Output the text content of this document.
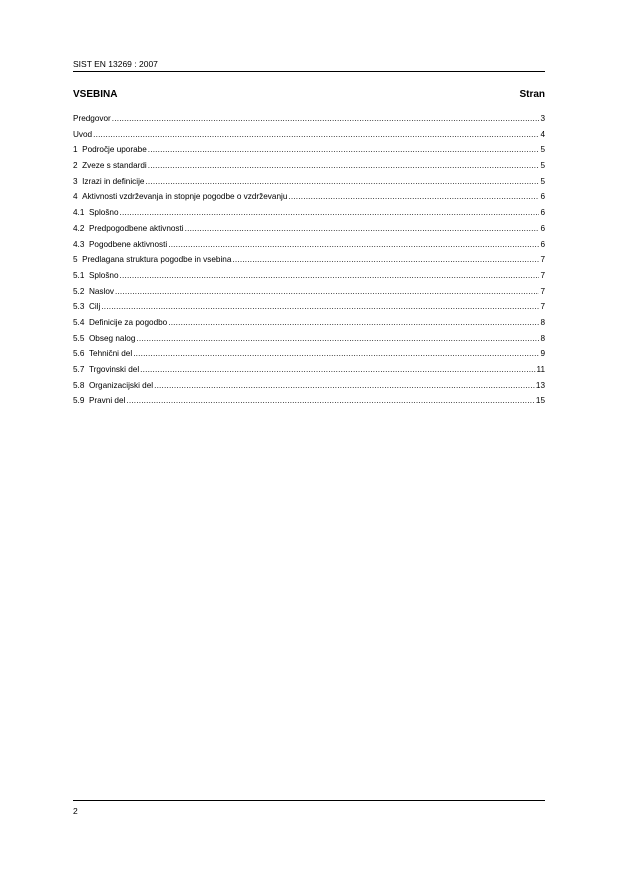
SIST EN 13269 : 2007
VSEBINA	Stran
Predgovor .....	3
Uvod .....	4
1 Področje uporabe .....	5
2 Zveze s standardi .....	5
3 Izrazi in definicije .....	5
4 Aktivnosti vzdrževanja in stopnje pogodbe o vzdrževanju .....	6
4.1 Splošno .....	6
4.2 Predpogodbene aktivnosti .....	6
4.3 Pogodbene aktivnosti .....	6
5 Predlagana struktura pogodbe in vsebina .....	7
5.1 Splošno .....	7
5.2 Naslov .....	7
5.3 Cilj .....	7
5.4 Definicije za pogodbo .....	8
5.5 Obseg nalog .....	8
5.6 Tehnični del .....	9
5.7 Trgovinski del .....	11
5.8 Organizacijski del .....	13
5.9 Pravni del .....	15
2
